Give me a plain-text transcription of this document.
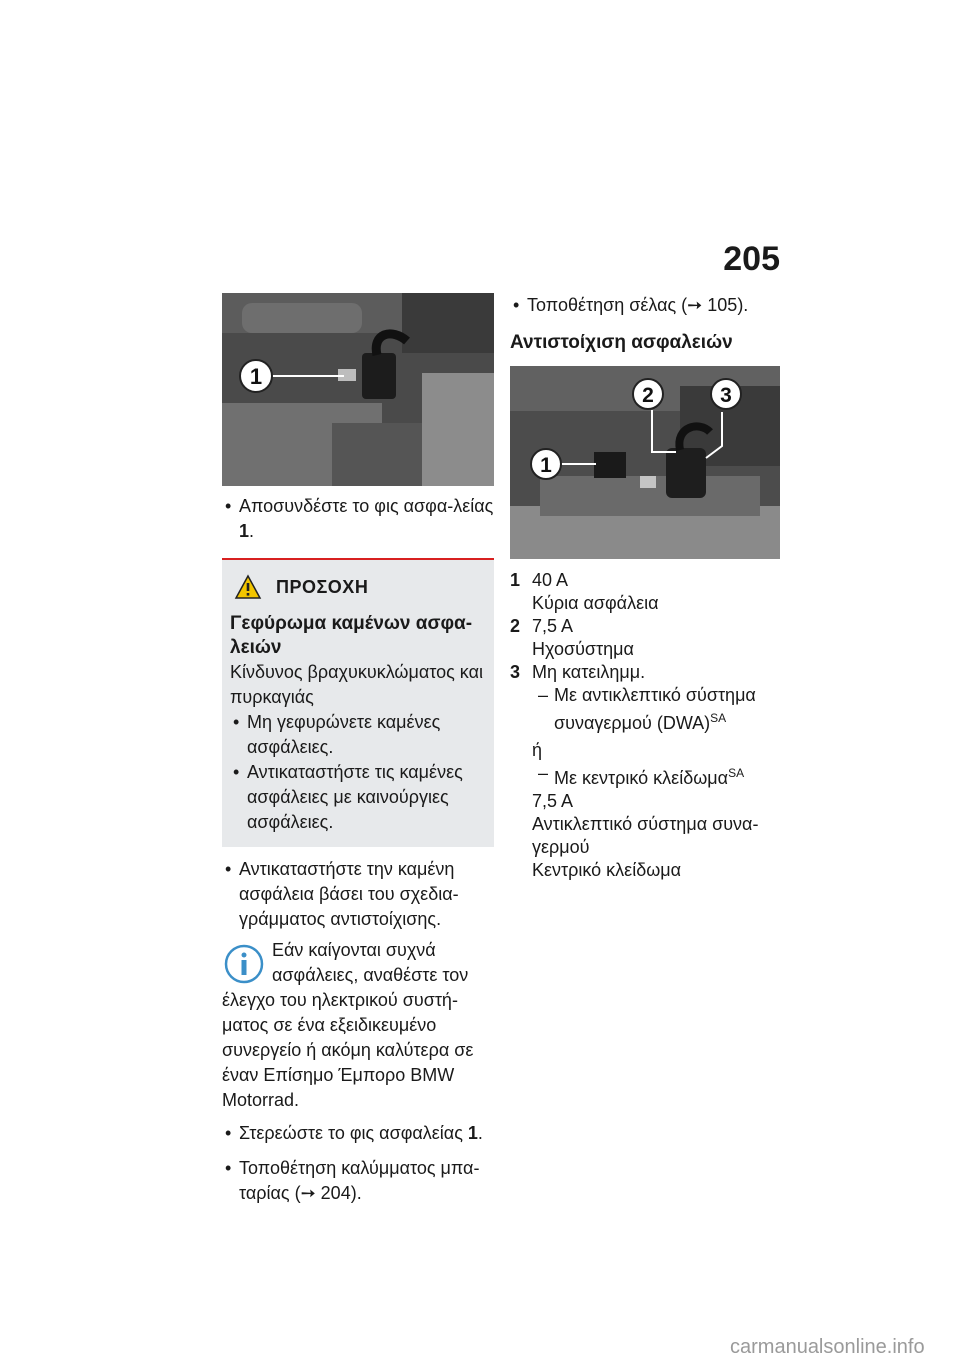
205
1
• Αποσυνδέστε το φις ασφα-λείας 1.
ΠΡΟΣΟΧΗ
Γεφύρωμα καμένων ασφα-λειών
Κίνδυνος βραχυκυκλώματος και πυρκαγιάς
• Μη γεφυρώνετε καμένες ασφάλειες.
• Αντικαταστήστε τις καμένες ασφάλειες με καινούργιες ασφάλειες.
• Αντικαταστήστε την καμένη ασφάλεια βάσει του σχεδια-γράμματος αντιστοίχισης.
Εάν καίγονται συχνά ασφάλειες, αναθέστε τον έλεγχο του ηλεκτρικού συστή-ματος σε ένα εξειδικευμένο συνεργείο ή ακόμη καλύτερα σε έναν Επίσημο Έμπορο BMW Motorrad.
• Στερεώστε το φις ασφαλείας 1.
• Τοποθέτηση καλύμματος μπα-ταρίας (➙ 204).
• Τοποθέτηση σέλας (➙ 105).
Αντιστοίχιση ασφαλειών
1
2	3
1 40 A
Κύρια ασφάλεια
2 7,5 A
Ηχοσύστημα
3 Μη κατειλημμ.
– Με αντικλεπτικό σύστημα συναγερμού (DWA)$^{SA}$
ή
– Με κεντρικό κλείδωμα$^{SA}$
7,5 A
Αντικλεπτικό σύστημα συνα-γερμού
Κεντρικό κλείδωμα
carmanualsonline.info
